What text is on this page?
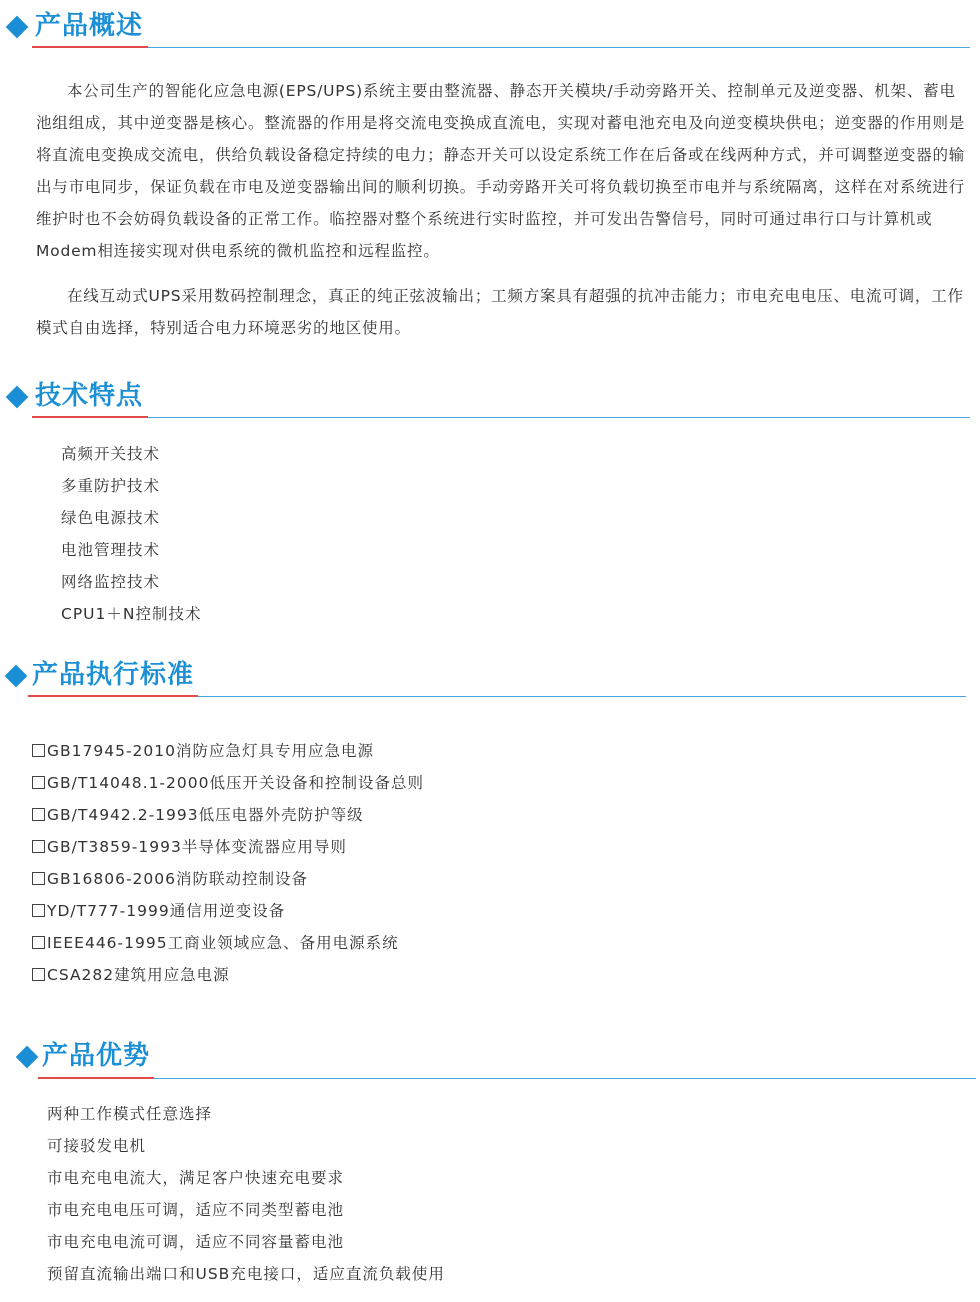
产品概述

本公司生产的智能化应急电源(EPS/UPS)系统主要由整流器、静态开关模块/手动旁路开关、控制单元及逆变器、机架、蓄电池组组成，其中逆变器是核心。整流器的作用是将交流电变换成直流电，实现对蓄电池充电及向逆变模块供电；逆变器的作用则是将直流电变换成交流电，供给负载设备稳定持续的电力；静态开关可以设定系统工作在后备或在线两种方式，并可调整逆变器的输出与市电同步，保证负载在市电及逆变器输出间的顺利切换。手动旁路开关可将负载切换至市电并与系统隔离，这样在对系统进行维护时也不会妨碍负载设备的正常工作。临控器对整个系统进行实时监控，并可发出告警信号，同时可通过串行口与计算机或Modem相连接实现对供电系统的微机监控和远程监控。

在线互动式UPS采用数码控制理念，真正的纯正弦波输出；工频方案具有超强的抗冲击能力；市电充电电压、电流可调，工作模式自由选择，特别适合电力环境恶劣的地区使用。

技术特点
高频开关技术
多重防护技术
绿色电源技术
电池管理技术
网络监控技术
CPU1＋N控制技术
产品执行标准
GB17945-2010消防应急灯具专用应急电源
GB/T14048.1-2000低压开关设备和控制设备总则
GB/T4942.2-1993低压电器外壳防护等级
GB/T3859-1993半导体变流器应用导则
GB16806-2006消防联动控制设备
YD/T777-1999通信用逆变设备
IEEE446-1995工商业领域应急、备用电源系统
CSA282建筑用应急电源
产品优势
两种工作模式任意选择
可接驳发电机
市电充电电流大，满足客户快速充电要求
市电充电电压可调，适应不同类型蓄电池
市电充电电流可调，适应不同容量蓄电池
预留直流输出端口和USB充电接口，适应直流负载使用
